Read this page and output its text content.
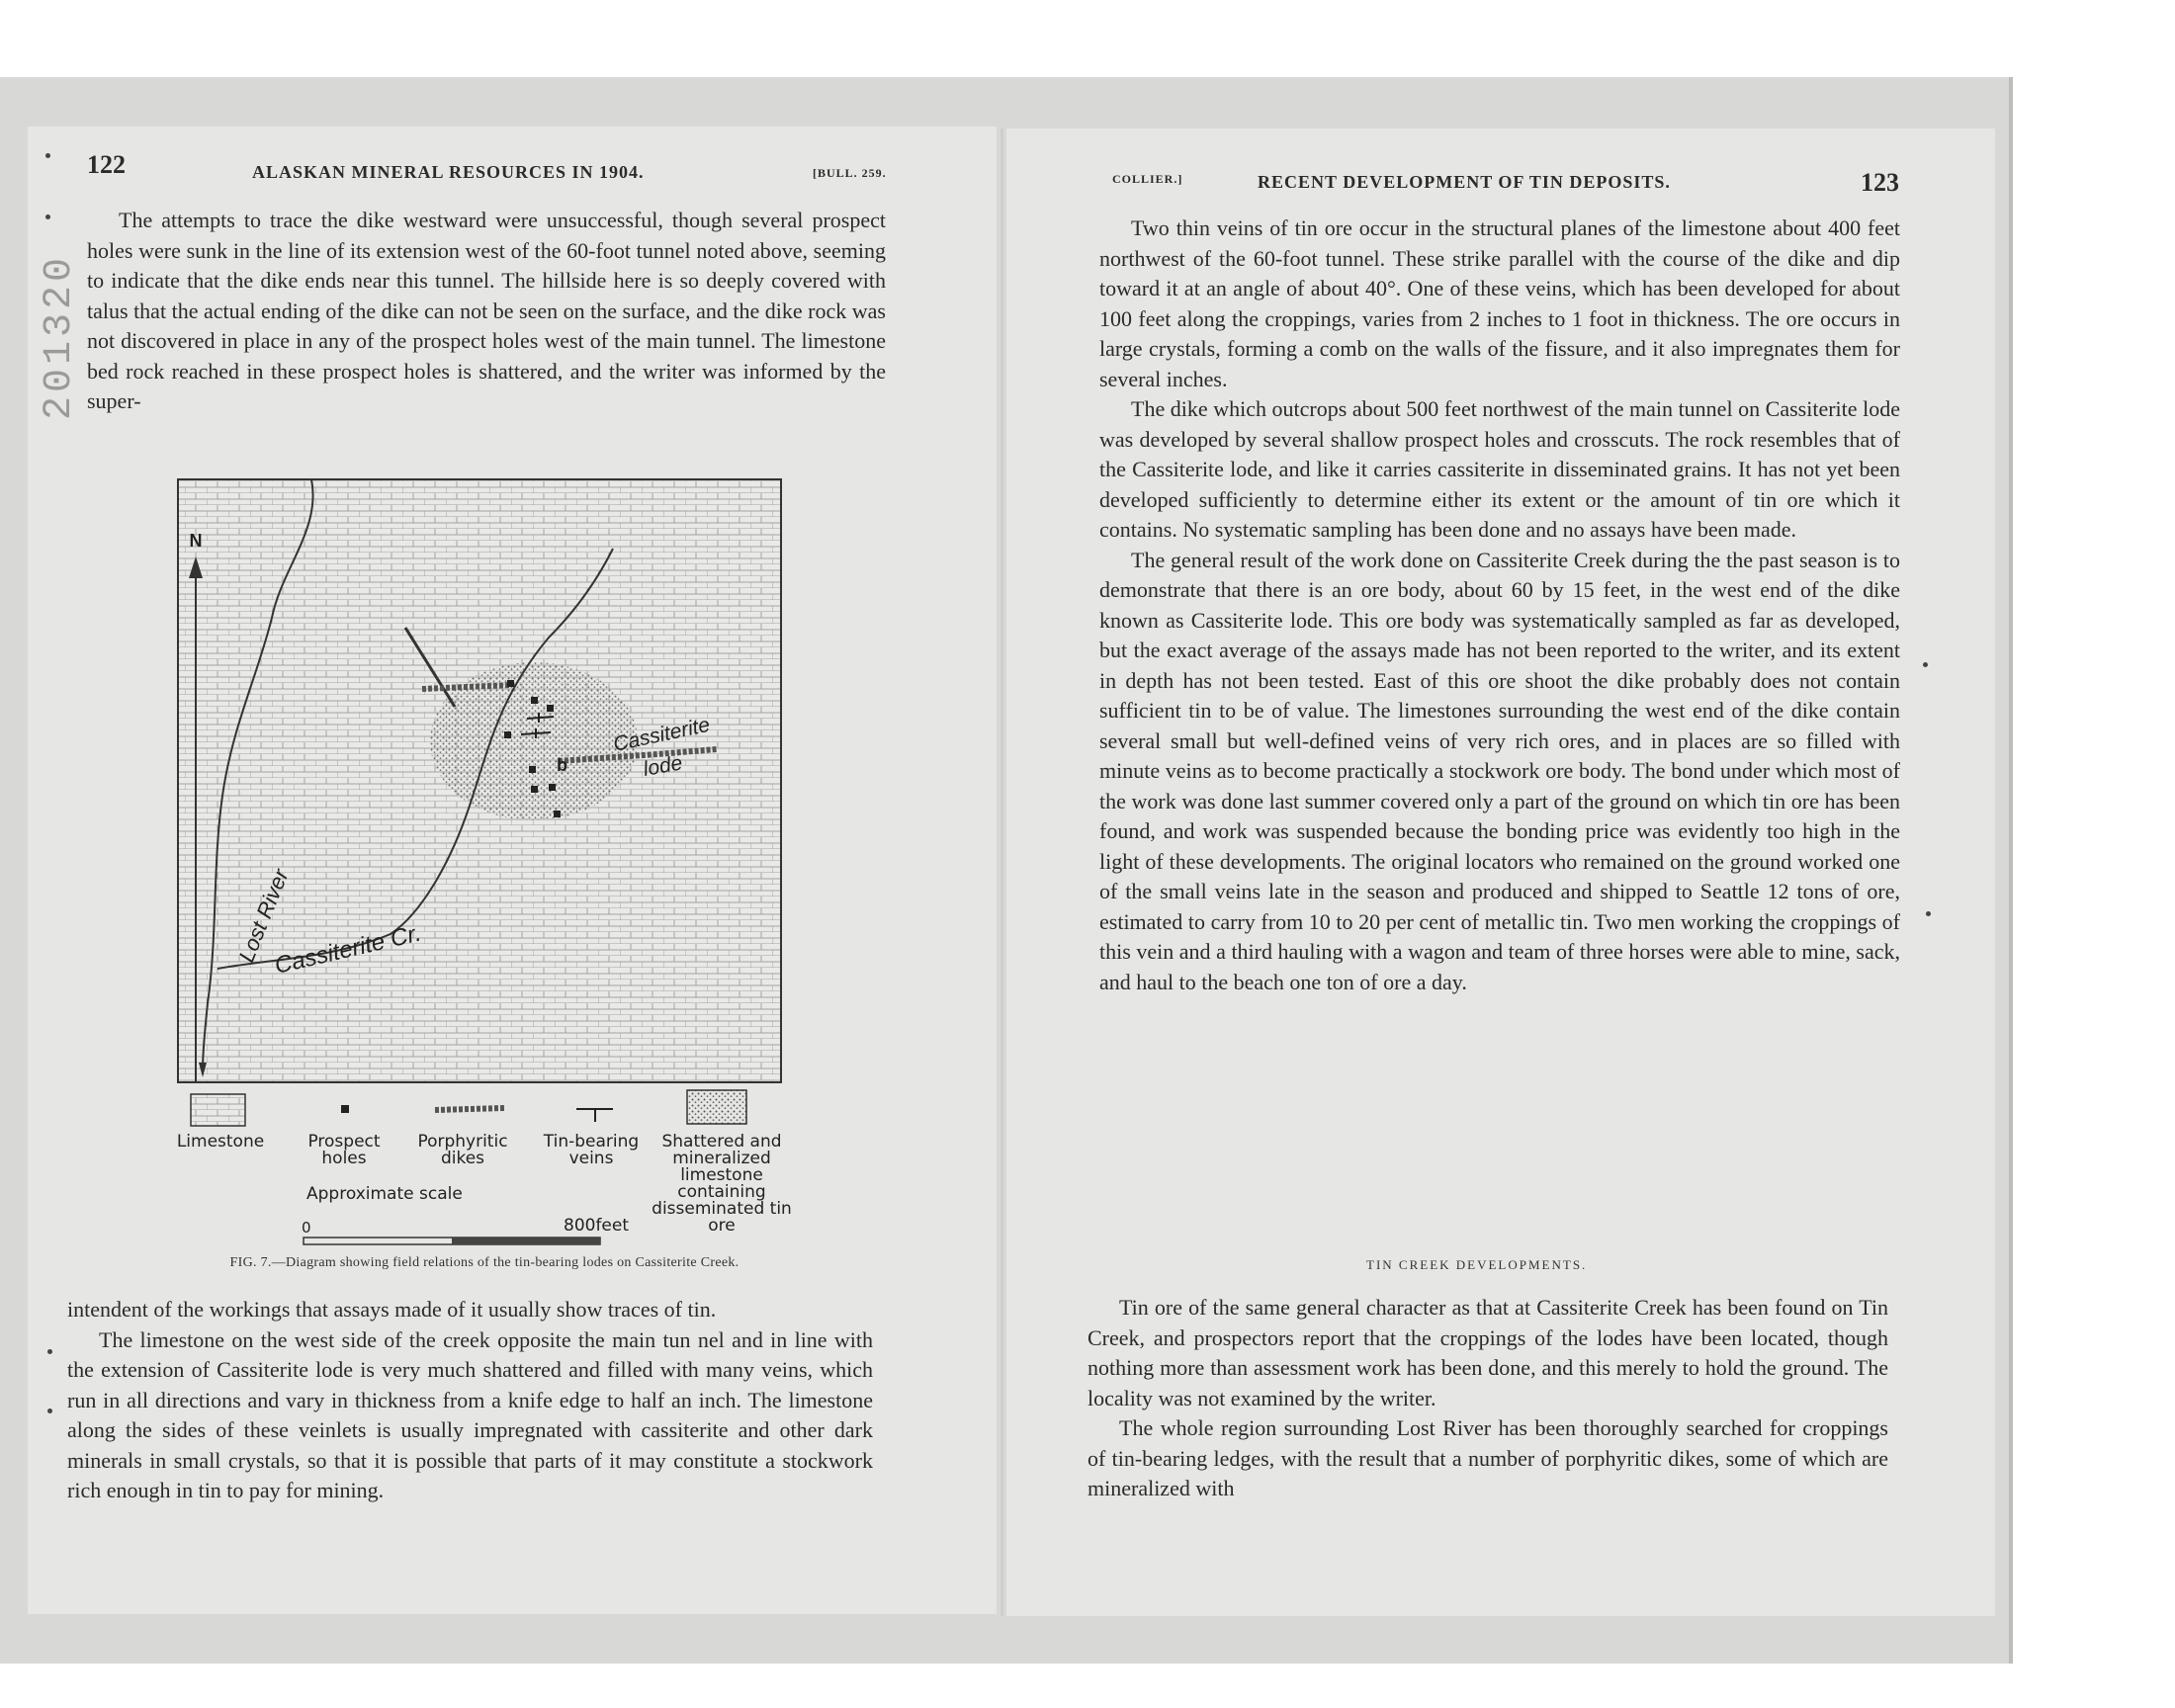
122	ALASKAN MINERAL RESOURCES IN 1904.	[BULL. 259.
201320

The attempts to trace the dike westward were unsuccessful, though several prospect holes were sunk in the line of its extension west of the 60-foot tunnel noted above, seeming to indicate that the dike ends near this tunnel. The hillside here is so deeply covered with talus that the actual ending of the dike can not be seen on the surface, and the dike rock was not discovered in place in any of the prospect holes west of the main tunnel. The limestone bed rock reached in these prospect holes is shattered, and the writer was informed by the super-

N
b
Lost River
Cassiterite Cr.
Cassiterite
lode
Approximate scale
0	800feet
Limestone	Prospect holes
Porphyritic dikes
Tin-bearing veins
Shattered and mineralized limestone containing disseminated tin ore
FIG. 7.—Diagram showing field relations of the tin-bearing lodes on Cassiterite Creek.

intendent of the workings that assays made of it usually show traces of tin.

The limestone on the west side of the creek opposite the main tun nel and in line with the extension of Cassiterite lode is very much shattered and filled with many veins, which run in all directions and vary in thickness from a knife edge to half an inch. The limestone along the sides of these veinlets is usually impregnated with cassiterite and other dark minerals in small crystals, so that it is possible that parts of it may constitute a stockwork rich enough in tin to pay for mining.

COLLIER.]	RECENT DEVELOPMENT OF TIN DEPOSITS.	123

Two thin veins of tin ore occur in the structural planes of the limestone about 400 feet northwest of the 60-foot tunnel. These strike parallel with the course of the dike and dip toward it at an angle of about 40°. One of these veins, which has been developed for about 100 feet along the croppings, varies from 2 inches to 1 foot in thickness. The ore occurs in large crystals, forming a comb on the walls of the fissure, and it also impregnates them for several inches.

The dike which outcrops about 500 feet northwest of the main tunnel on Cassiterite lode was developed by several shallow prospect holes and crosscuts. The rock resembles that of the Cassiterite lode, and like it carries cassiterite in disseminated grains. It has not yet been developed sufficiently to determine either its extent or the amount of tin ore which it contains. No systematic sampling has been done and no assays have been made.

The general result of the work done on Cassiterite Creek during the the past season is to demonstrate that there is an ore body, about 60 by 15 feet, in the west end of the dike known as Cassiterite lode. This ore body was systematically sampled as far as developed, but the exact average of the assays made has not been reported to the writer, and its extent in depth has not been tested. East of this ore shoot the dike probably does not contain sufficient tin to be of value. The limestones surrounding the west end of the dike contain several small but well-defined veins of very rich ores, and in places are so filled with minute veins as to become practically a stockwork ore body. The bond under which most of the work was done last summer covered only a part of the ground on which tin ore has been found, and work was suspended because the bonding price was evidently too high in the light of these developments. The original locators who remained on the ground worked one of the small veins late in the season and produced and shipped to Seattle 12 tons of ore, estimated to carry from 10 to 20 per cent of metallic tin. Two men working the croppings of this vein and a third hauling with a wagon and team of three horses were able to mine, sack, and haul to the beach one ton of ore a day.

TIN CREEK DEVELOPMENTS.

Tin ore of the same general character as that at Cassiterite Creek has been found on Tin Creek, and prospectors report that the croppings of the lodes have been located, though nothing more than assessment work has been done, and this merely to hold the ground. The locality was not examined by the writer.

The whole region surrounding Lost River has been thoroughly searched for croppings of tin-bearing ledges, with the result that a number of porphyritic dikes, some of which are mineralized with
